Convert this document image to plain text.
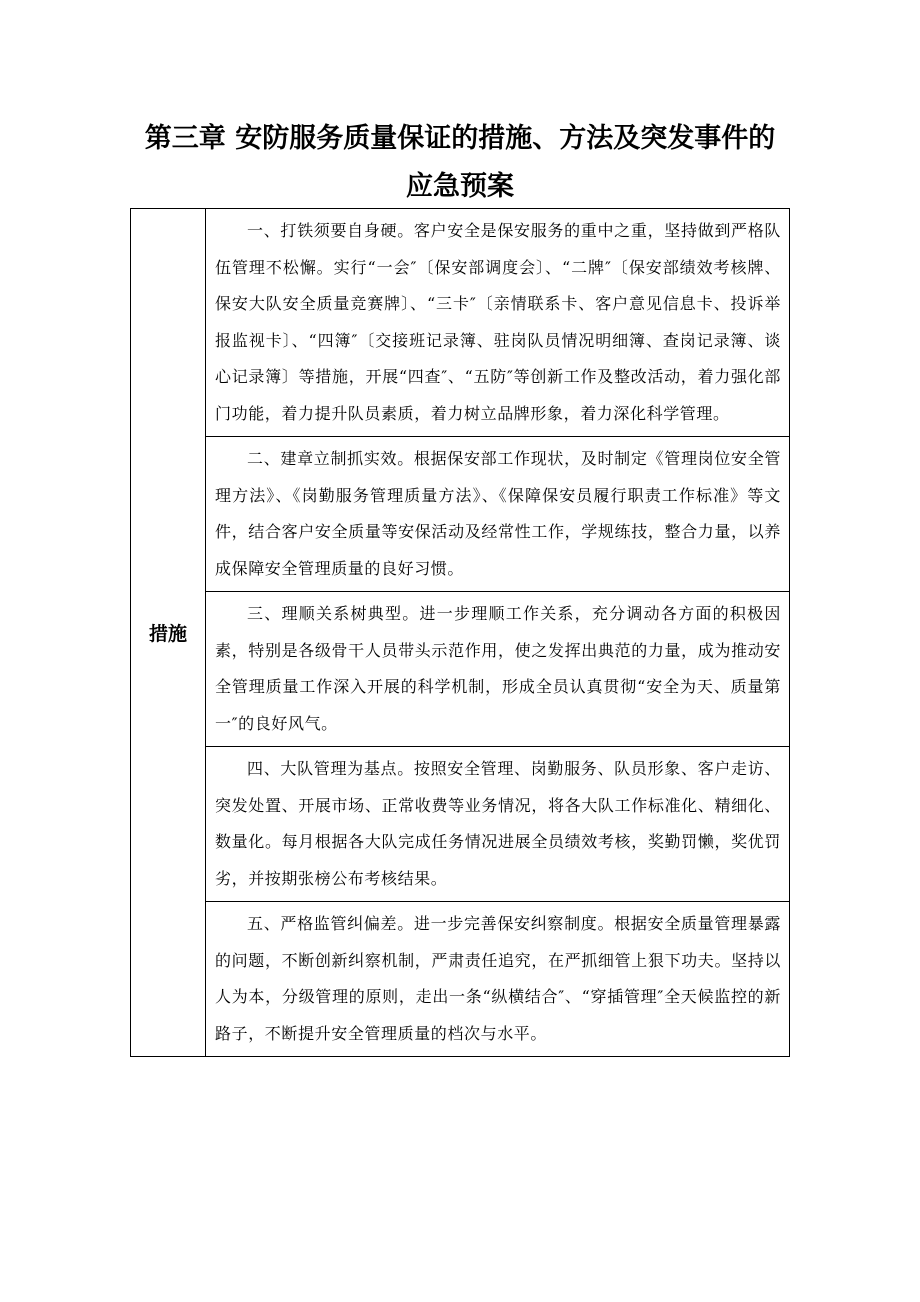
第三章 安防服务质量保证的措施、方法及突发事件的
应急预案
措施	

一、打铁须要自身硬。客户安全是保安服务的重中之重，坚持做到严格队伍管理不松懈。实行“一会″〔保安部调度会〕、“二牌″〔保安部绩效考核牌、保安大队安全质量竞赛牌〕、“三卡″〔亲情联系卡、客户意见信息卡、投诉举报监视卡〕、“四簿″〔交接班记录簿、驻岗队员情况明细簿、查岗记录簿、谈心记录簿〕等措施，开展“四查″、“五防″等创新工作及整改活动，着力强化部门功能，着力提升队员素质，着力树立品牌形象，着力深化科学管理。

二、建章立制抓实效。根据保安部工作现状，及时制定《管理岗位安全管理方法》、《岗勤服务管理质量方法》、《保障保安员履行职责工作标准》等文件，结合客户安全质量等安保活动及经常性工作，学规练技，整合力量，以养成保障安全管理质量的良好习惯。

三、理顺关系树典型。进一步理顺工作关系，充分调动各方面的积极因素，特别是各级骨干人员带头示范作用，使之发挥出典范的力量，成为推动安全管理质量工作深入开展的科学机制，形成全员认真贯彻“安全为天、质量第一″的良好风气。

四、大队管理为基点。按照安全管理、岗勤服务、队员形象、客户走访、突发处置、开展市场、正常收费等业务情况，将各大队工作标准化、精细化、数量化。每月根据各大队完成任务情况进展全员绩效考核，奖勤罚懒，奖优罚劣，并按期张榜公布考核结果。

五、严格监管纠偏差。进一步完善保安纠察制度。根据安全质量管理暴露的问题，不断创新纠察机制，严肃责任追究，在严抓细管上狠下功夫。坚持以人为本，分级管理的原则，走出一条“纵横结合″、“穿插管理″全天候监控的新路子，不断提升安全管理质量的档次与水平。
